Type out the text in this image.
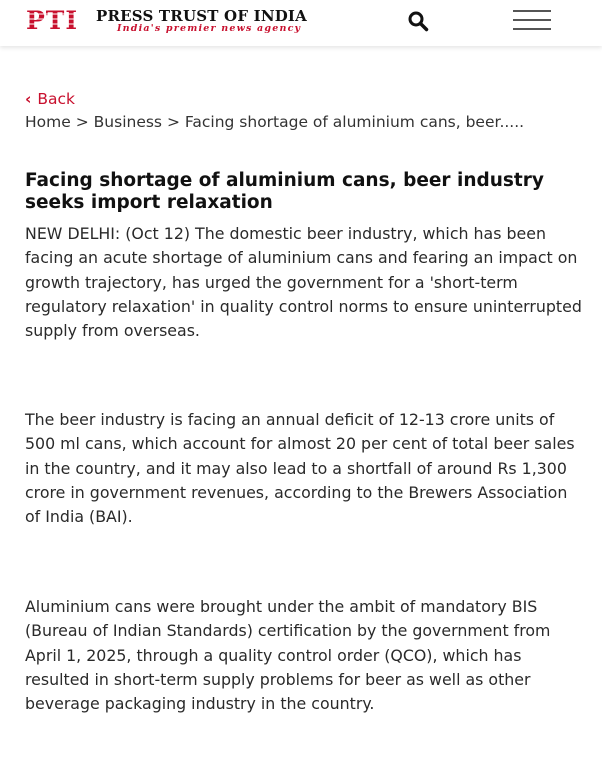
PTI PRESS TRUST OF INDIA
India's premier news agency
‹ Back
Home > Business > Facing shortage of aluminium cans, beer.....
Facing shortage of aluminium cans, beer industry seeks import relaxation

NEW DELHI: (Oct 12) The domestic beer industry, which has been facing an acute shortage of aluminium cans and fearing an impact on growth trajectory, has urged the government for a 'short-term regulatory relaxation' in quality control norms to ensure uninterrupted supply from overseas.

The beer industry is facing an annual deficit of 12-13 crore units of 500 ml cans, which account for almost 20 per cent of total beer sales in the country, and it may also lead to a shortfall of around Rs 1,300 crore in government revenues, according to the Brewers Association of India (BAI).

Aluminium cans were brought under the ambit of mandatory BIS (Bureau of Indian Standards) certification by the government from April 1, 2025, through a quality control order (QCO), which has resulted in short-term supply problems for beer as well as other beverage packaging industry in the country.
